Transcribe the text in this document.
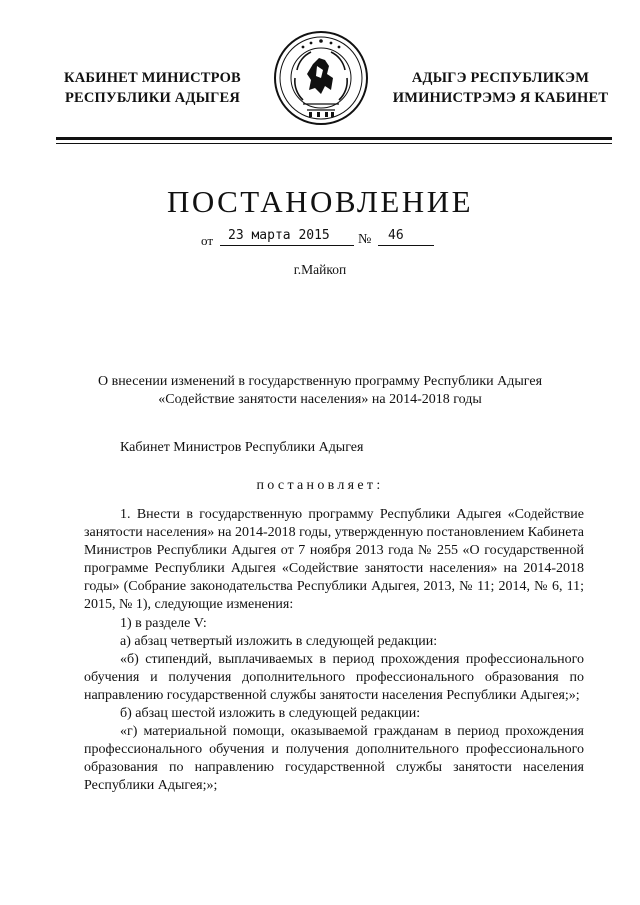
КАБИНЕТ МИНИСТРОВ
РЕСПУБЛИКИ АДЫГЕЯ
АДЫГЭ РЕСПУБЛИКЭМ
ИМИНИСТРЭМЭ Я КАБИНЕТ
ПОСТАНОВЛЕНИЕ
от 23 марта 2015 № 46
г.Майкоп
О внесении изменений в государственную программу Республики Адыгея
«Содействие занятости населения» на 2014-2018 годы
Кабинет Министров Республики Адыгея
постановляет:

1. Внести в государственную программу Республики Адыгея «Содействие занятости населения» на 2014-2018 годы, утвержденную постановлением Кабинета Министров Республики Адыгея от 7 ноября 2013 года № 255 «О государственной программе Республики Адыгея «Содействие занятости населения» на 2014-2018 годы» (Собрание законодательства Республики Адыгея, 2013, № 11; 2014, № 6, 11; 2015, № 1), следующие изменения:

1) в разделе V:

а) абзац четвертый изложить в следующей редакции:

«б) стипендий, выплачиваемых в период прохождения профессионального обучения и получения дополнительного профессионального образования по направлению государственной службы занятости населения Республики Адыгея;»;

б) абзац шестой изложить в следующей редакции:

«г) материальной помощи, оказываемой гражданам в период прохождения профессионального обучения и получения дополнительного профессионального образования по направлению государственной службы занятости населения Республики Адыгея;»;
